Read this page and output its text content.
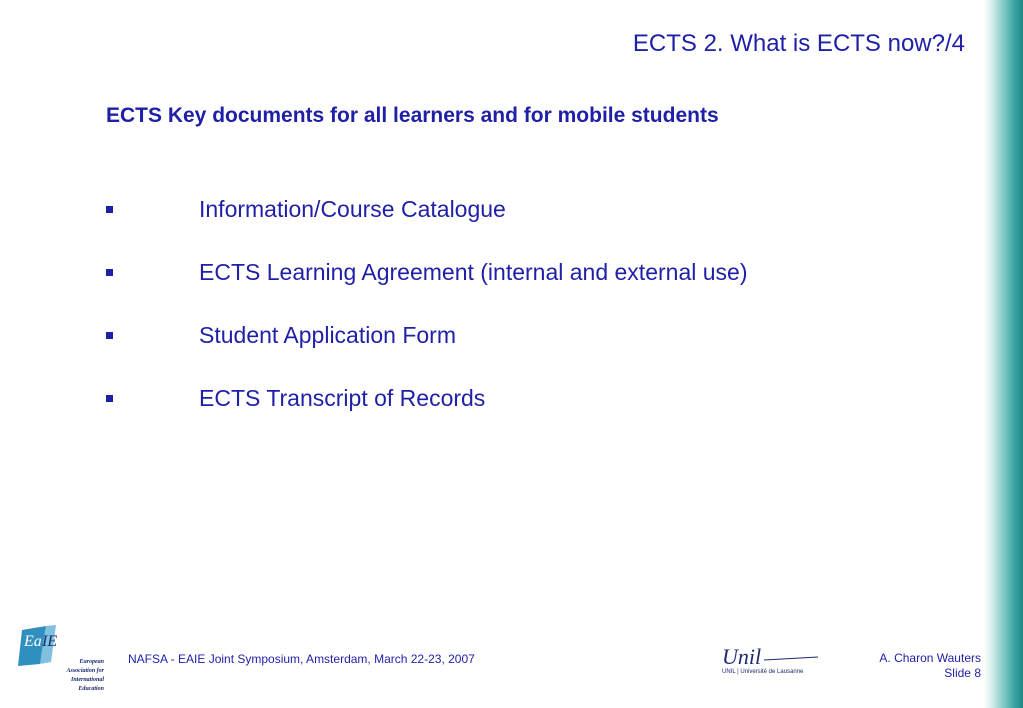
ECTS 2. What is ECTS now?/4
ECTS Key documents for all learners and for mobile students
Information/Course Catalogue
ECTS Learning Agreement (internal and external use)
Student Application Form
ECTS Transcript of Records
Ea IE
European
Association for
International
Education
NAFSA - EAIE Joint Symposium, Amsterdam, March 22-23, 2007	Unil
UNIL | Université de Lausanne
A. Charon Wauters
Slide 8
